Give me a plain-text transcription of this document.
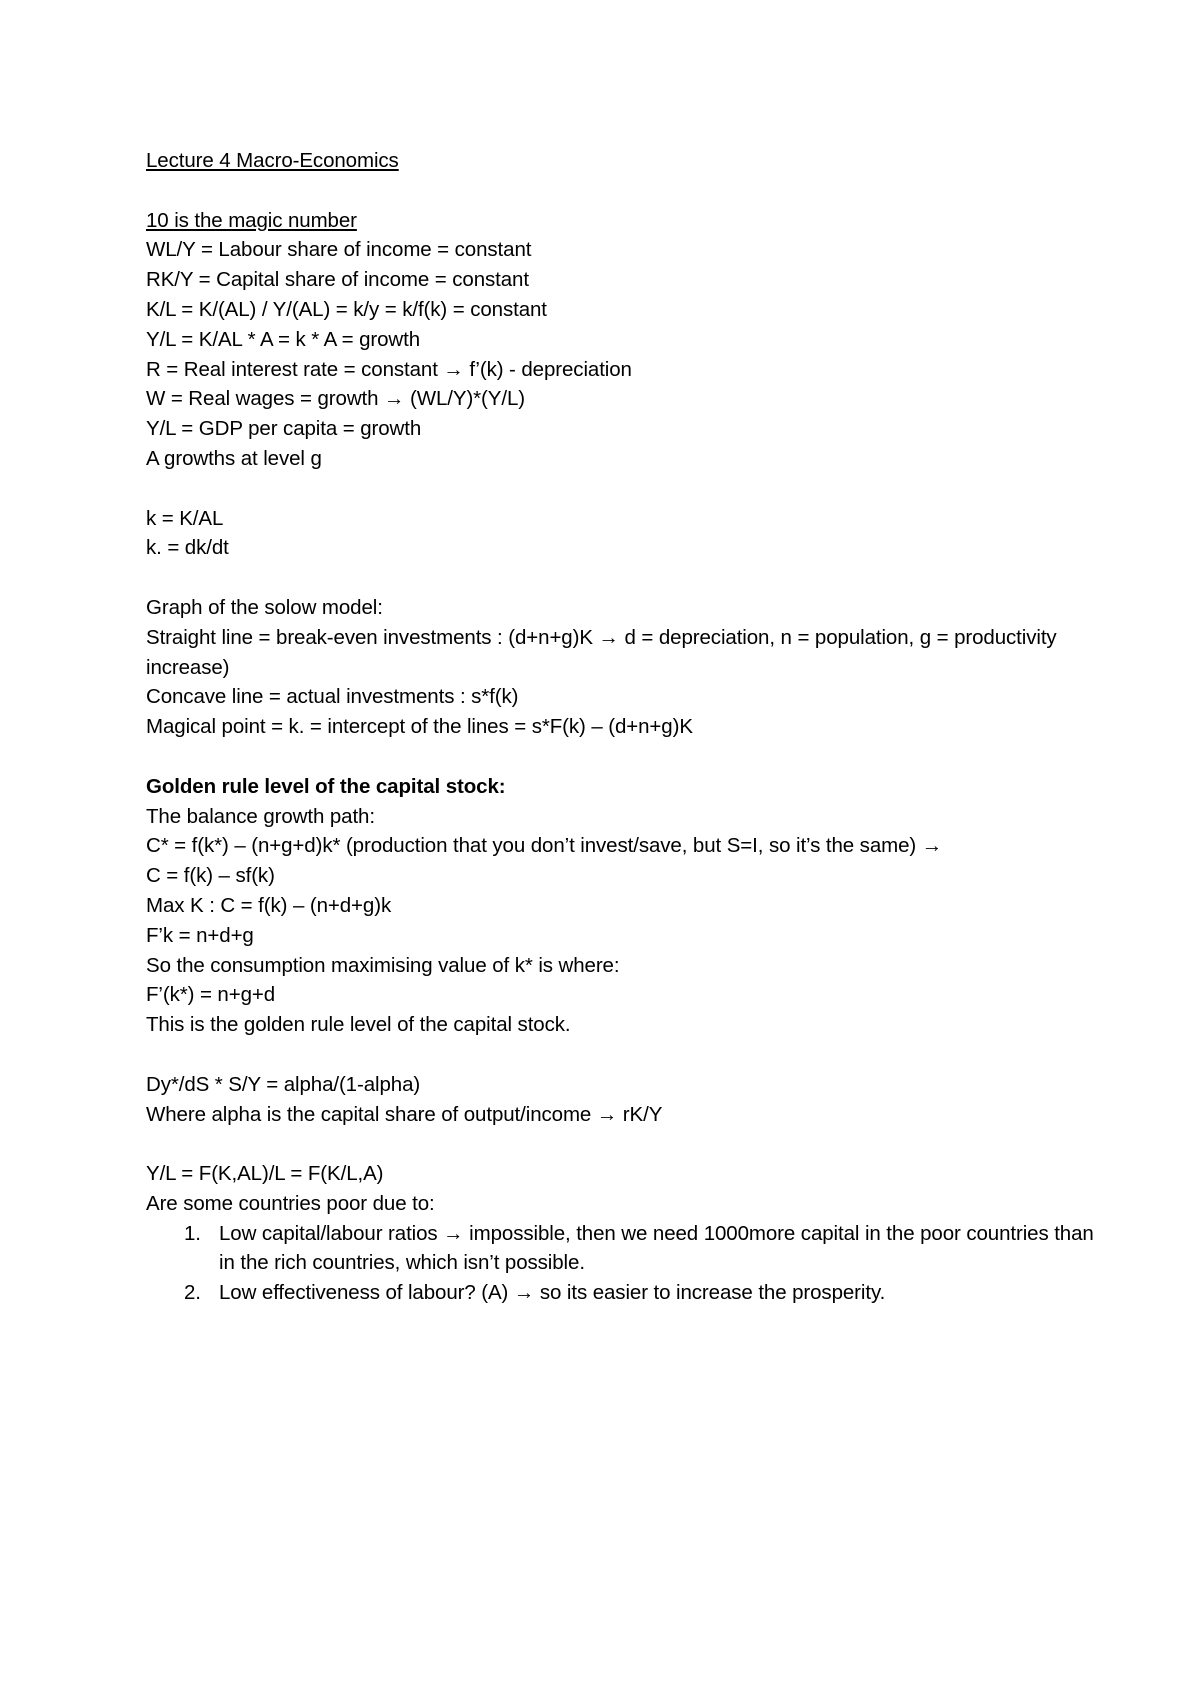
Lecture 4 Macro-Economics
10 is the magic number
WL/Y = Labour share of income = constant
RK/Y = Capital share of income = constant
K/L = K/(AL) / Y/(AL) = k/y = k/f(k) = constant
Y/L = K/AL * A = k * A = growth
R = Real interest rate = constant → f’(k) - depreciation
W = Real wages = growth → (WL/Y)*(Y/L)
Y/L = GDP per capita = growth
A growths at level g
k = K/AL
k. = dk/dt
Graph of the solow model:
Straight line = break-even investments : (d+n+g)K → d = depreciation, n = population, g = productivity increase)
Concave line = actual investments : s*f(k)
Magical point = k. = intercept of the lines = s*F(k) – (d+n+g)K
Golden rule level of the capital stock:
The balance growth path:
C* = f(k*) – (n+g+d)k* (production that you don’t invest/save, but S=I, so it’s the same) →
C = f(k) – sf(k)
Max K : C = f(k) – (n+d+g)k
F’k = n+d+g
So the consumption maximising value of k* is where:
F’(k*) = n+g+d
This is the golden rule level of the capital stock.
Dy*/dS * S/Y = alpha/(1-alpha)
Where alpha is the capital share of output/income → rK/Y
Y/L = F(K,AL)/L = F(K/L,A)
Are some countries poor due to:
1. Low capital/labour ratios → impossible, then we need 1000more capital in the poor countries than in the rich countries, which isn’t possible.
2. Low effectiveness of labour? (A) → so its easier to increase the prosperity.
